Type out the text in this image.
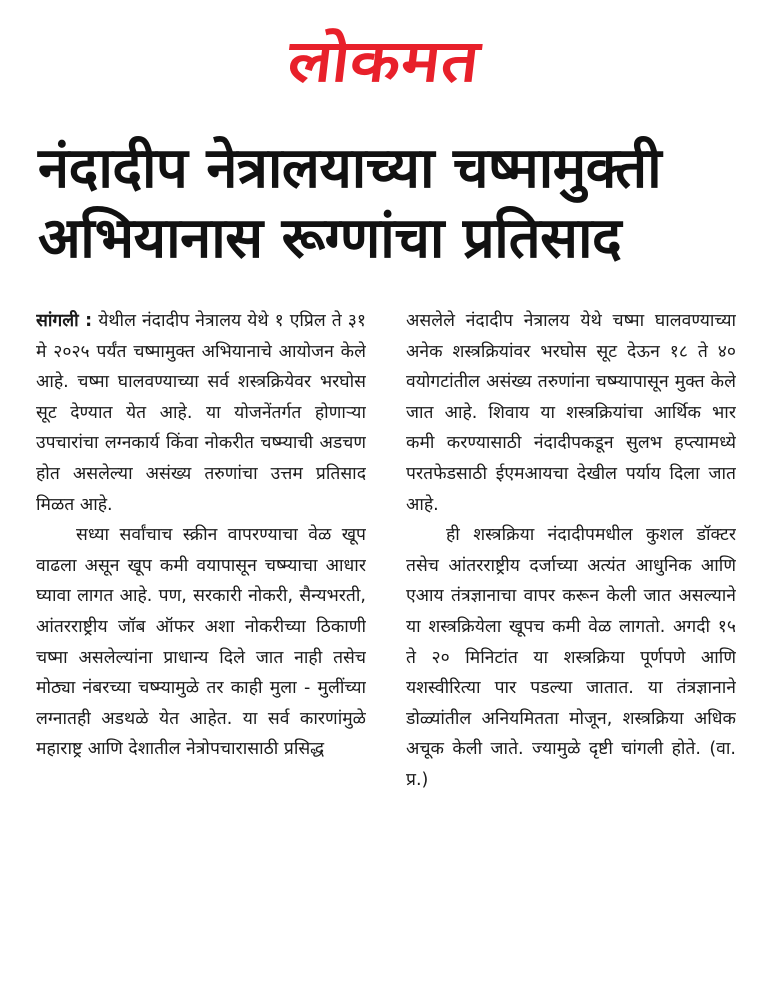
लोकमत
नंदादीप नेत्रालयाच्या चष्मामुक्ती
अभियानास रूग्णांचा प्रतिसाद

सांगली : येथील नंदादीप नेत्रालय येथे १ एप्रिल ते ३१ मे २०२५ पर्यंत चष्मामुक्त अभियानाचे आयोजन केले आहे. चष्मा घालवण्याच्या सर्व शस्त्रक्रियेवर भरघोस सूट देण्यात येत आहे. या योजनेंतर्गत होणाऱ्या उपचारांचा लग्नकार्य किंवा नोकरीत चष्म्याची अडचण होत असलेल्या असंख्य तरुणांचा उत्तम प्रतिसाद मिळत आहे.

सध्या सर्वांचाच स्क्रीन वापरण्याचा वेळ खूप वाढला असून खूप कमी वयापासून चष्म्याचा आधार घ्यावा लागत आहे. पण, सरकारी नोकरी, सैन्यभरती, आंतरराष्ट्रीय जॉब ऑफर अशा नोकरीच्या ठिकाणी चष्मा असलेल्यांना प्राधान्य दिले जात नाही तसेच मोठ्या नंबरच्या चष्म्यामुळे तर काही मुला - मुलींच्या लग्नातही अडथळे येत आहेत. या सर्व कारणांमुळे महाराष्ट्र आणि देशातील नेत्रोपचारासाठी प्रसिद्ध

असलेले नंदादीप नेत्रालय येथे चष्मा घालवण्याच्या अनेक शस्त्रक्रियांवर भरघोस सूट देऊन १८ ते ४० वयोगटांतील असंख्य तरुणांना चष्म्यापासून मुक्त केले जात आहे. शिवाय या शस्त्रक्रियांचा आर्थिक भार कमी करण्यासाठी नंदादीपकडून सुलभ हप्त्यामध्ये परतफेडसाठी ईएमआयचा देखील पर्याय दिला जात आहे.

ही शस्त्रक्रिया नंदादीपमधील कुशल डॉक्टर तसेच आंतरराष्ट्रीय दर्जाच्या अत्यंत आधुनिक आणि एआय तंत्रज्ञानाचा वापर करून केली जात असल्याने या शस्त्रक्रियेला खूपच कमी वेळ लागतो. अगदी १५ ते २० मिनिटांत या शस्त्रक्रिया पूर्णपणे आणि यशस्वीरित्या पार पडल्या जातात. या तंत्रज्ञानाने डोळ्यांतील अनियमितता मोजून, शस्त्रक्रिया अधिक अचूक केली जाते. ज्यामुळे दृष्टी चांगली होते. (वा. प्र.)
